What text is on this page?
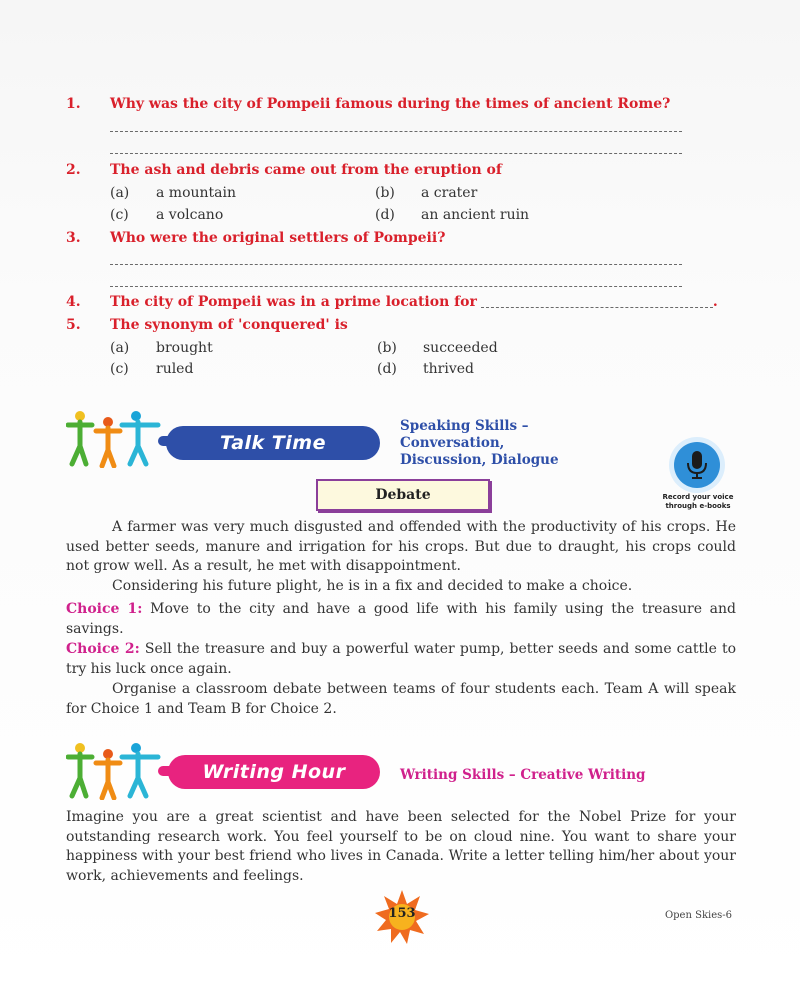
1. Why was the city of Pompeii famous during the times of ancient Rome?
2. The ash and debris came out from the eruption of
(a) a mountain	(b) a crater
(c) a volcano	(d) an ancient ruin
3. Who were the original settlers of Pompeii?
4. The city of Pompeii was in a prime location for	.
5. The synonym of 'conquered' is
(a) brought	(b) succeeded
(c) ruled	(d) thrived
Talk Time
Speaking Skills –
Conversation,
Discussion, Dialogue
Record your voice
through e-books
Debate
A farmer was very much disgusted and offended with the productivity of his crops. He used better seeds, manure and irrigation for his crops. But due to draught, his crops could not grow well. As a result, he met with disappointment.
Considering his future plight, he is in a fix and decided to make a choice.
Choice 1: Move to the city and have a good life with his family using the treasure and savings.
Choice 2: Sell the treasure and buy a powerful water pump, better seeds and some cattle to try his luck once again.
Organise a classroom debate between teams of four students each. Team A will speak for Choice 1 and Team B for Choice 2.
Writing Hour	Writing Skills – Creative Writing
Imagine you are a great scientist and have been selected for the Nobel Prize for your outstanding research work. You feel yourself to be on cloud nine. You want to share your happiness with your best friend who lives in Canada. Write a letter telling him/her about your work, achievements and feelings.
153	Open Skies-6
